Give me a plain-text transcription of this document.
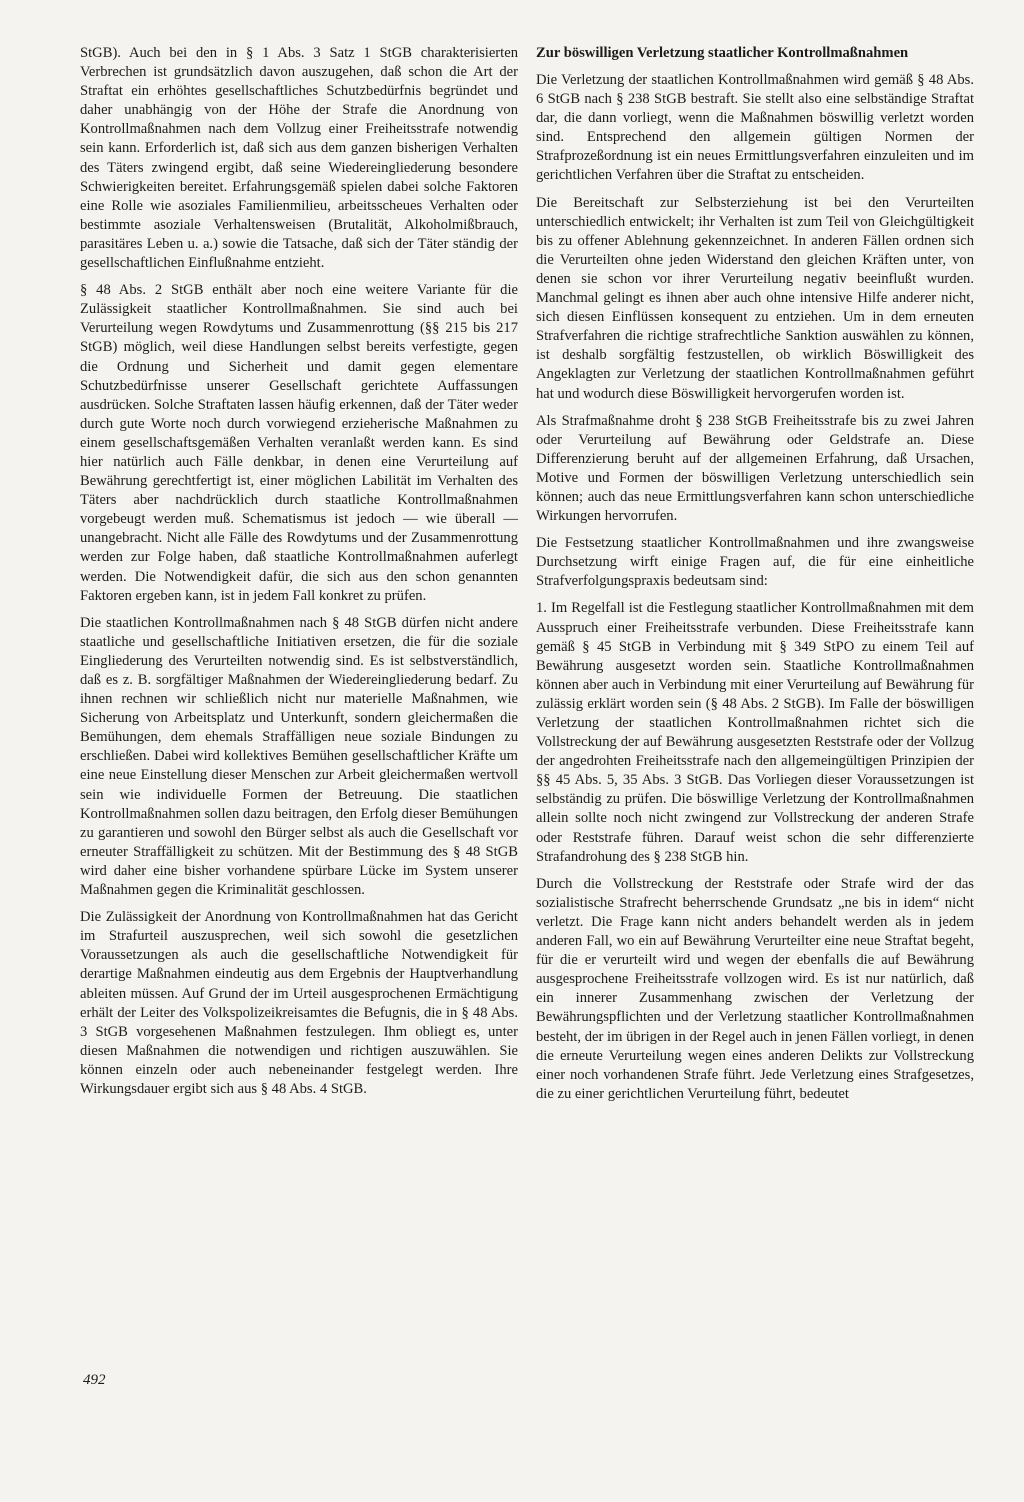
StGB). Auch bei den in § 1 Abs. 3 Satz 1 StGB charakterisierten Verbrechen ist grundsätzlich davon auszugehen, daß schon die Art der Straftat ein erhöhtes gesellschaftliches Schutzbedürfnis begründet und daher unabhängig von der Höhe der Strafe die Anordnung von Kontrollmaßnahmen nach dem Vollzug einer Freiheitsstrafe notwendig sein kann. Erforderlich ist, daß sich aus dem ganzen bisherigen Verhalten des Täters zwingend ergibt, daß seine Wiedereingliederung besondere Schwierigkeiten bereitet. Erfahrungsgemäß spielen dabei solche Faktoren eine Rolle wie asoziales Familienmilieu, arbeitsscheues Verhalten oder bestimmte asoziale Verhaltensweisen (Brutalität, Alkoholmißbrauch, parasitäres Leben u. a.) sowie die Tatsache, daß sich der Täter ständig der gesellschaftlichen Einflußnahme entzieht.

§ 48 Abs. 2 StGB enthält aber noch eine weitere Variante für die Zulässigkeit staatlicher Kontrollmaßnahmen. Sie sind auch bei Verurteilung wegen Rowdytums und Zusammenrottung (§§ 215 bis 217 StGB) möglich, weil diese Handlungen selbst bereits verfestigte, gegen die Ordnung und Sicherheit und damit gegen elementare Schutzbedürfnisse unserer Gesellschaft gerichtete Auffassungen ausdrücken. Solche Straftaten lassen häufig erkennen, daß der Täter weder durch gute Worte noch durch vorwiegend erzieherische Maßnahmen zu einem gesellschaftsgemäßen Verhalten veranlaßt werden kann. Es sind hier natürlich auch Fälle denkbar, in denen eine Verurteilung auf Bewährung gerechtfertigt ist, einer möglichen Labilität im Verhalten des Täters aber nachdrücklich durch staatliche Kontrollmaßnahmen vorgebeugt werden muß. Schematismus ist jedoch — wie überall — unangebracht. Nicht alle Fälle des Rowdytums und der Zusammenrottung werden zur Folge haben, daß staatliche Kontrollmaßnahmen auferlegt werden. Die Notwendigkeit dafür, die sich aus den schon genannten Faktoren ergeben kann, ist in jedem Fall konkret zu prüfen.

Die staatlichen Kontrollmaßnahmen nach § 48 StGB dürfen nicht andere staatliche und gesellschaftliche Initiativen ersetzen, die für die soziale Eingliederung des Verurteilten notwendig sind. Es ist selbstverständlich, daß es z. B. sorgfältiger Maßnahmen der Wiedereingliederung bedarf. Zu ihnen rechnen wir schließlich nicht nur materielle Maßnahmen, wie Sicherung von Arbeitsplatz und Unterkunft, sondern gleichermaßen die Bemühungen, dem ehemals Straffälligen neue soziale Bindungen zu erschließen. Dabei wird kollektives Bemühen gesellschaftlicher Kräfte um eine neue Einstellung dieser Menschen zur Arbeit gleichermaßen wertvoll sein wie individuelle Formen der Betreuung. Die staatlichen Kontrollmaßnahmen sollen dazu beitragen, den Erfolg dieser Bemühungen zu garantieren und sowohl den Bürger selbst als auch die Gesellschaft vor erneuter Straffälligkeit zu schützen. Mit der Bestimmung des § 48 StGB wird daher eine bisher vorhandene spürbare Lücke im System unserer Maßnahmen gegen die Kriminalität geschlossen.

Die Zulässigkeit der Anordnung von Kontrollmaßnahmen hat das Gericht im Strafurteil auszusprechen, weil sich sowohl die gesetzlichen Voraussetzungen als auch die gesellschaftliche Notwendigkeit für derartige Maßnahmen eindeutig aus dem Ergebnis der Hauptverhandlung ableiten müssen. Auf Grund der im Urteil ausgesprochenen Ermächtigung erhält der Leiter des Volkspolizeikreisamtes die Befugnis, die in § 48 Abs. 3 StGB vorgesehenen Maßnahmen festzulegen. Ihm obliegt es, unter diesen Maßnahmen die notwendigen und richtigen auszuwählen. Sie können einzeln oder auch nebeneinander festgelegt werden. Ihre Wirkungsdauer ergibt sich aus § 48 Abs. 4 StGB.

Zur böswilligen Verletzung staatlicher Kontrollmaßnahmen

Die Verletzung der staatlichen Kontrollmaßnahmen wird gemäß § 48 Abs. 6 StGB nach § 238 StGB bestraft. Sie stellt also eine selbständige Straftat dar, die dann vorliegt, wenn die Maßnahmen böswillig verletzt worden sind. Entsprechend den allgemein gültigen Normen der Strafprozeßordnung ist ein neues Ermittlungsverfahren einzuleiten und im gerichtlichen Verfahren über die Straftat zu entscheiden.

Die Bereitschaft zur Selbsterziehung ist bei den Verurteilten unterschiedlich entwickelt; ihr Verhalten ist zum Teil von Gleichgültigkeit bis zu offener Ablehnung gekennzeichnet. In anderen Fällen ordnen sich die Verurteilten ohne jeden Widerstand den gleichen Kräften unter, von denen sie schon vor ihrer Verurteilung negativ beeinflußt wurden. Manchmal gelingt es ihnen aber auch ohne intensive Hilfe anderer nicht, sich diesen Einflüssen konsequent zu entziehen. Um in dem erneuten Strafverfahren die richtige strafrechtliche Sanktion auswählen zu können, ist deshalb sorgfältig festzustellen, ob wirklich Böswilligkeit des Angeklagten zur Verletzung der staatlichen Kontrollmaßnahmen geführt hat und wodurch diese Böswilligkeit hervorgerufen worden ist.

Als Strafmaßnahme droht § 238 StGB Freiheitsstrafe bis zu zwei Jahren oder Verurteilung auf Bewährung oder Geldstrafe an. Diese Differenzierung beruht auf der allgemeinen Erfahrung, daß Ursachen, Motive und Formen der böswilligen Verletzung unterschiedlich sein können; auch das neue Ermittlungsverfahren kann schon unterschiedliche Wirkungen hervorrufen.

Die Festsetzung staatlicher Kontrollmaßnahmen und ihre zwangsweise Durchsetzung wirft einige Fragen auf, die für eine einheitliche Strafverfolgungspraxis bedeutsam sind:

1. Im Regelfall ist die Festlegung staatlicher Kontrollmaßnahmen mit dem Ausspruch einer Freiheitsstrafe verbunden. Diese Freiheitsstrafe kann gemäß § 45 StGB in Verbindung mit § 349 StPO zu einem Teil auf Bewährung ausgesetzt worden sein. Staatliche Kontrollmaßnahmen können aber auch in Verbindung mit einer Verurteilung auf Bewährung für zulässig erklärt worden sein (§ 48 Abs. 2 StGB). Im Falle der böswilligen Verletzung der staatlichen Kontrollmaßnahmen richtet sich die Vollstreckung der auf Bewährung ausgesetzten Reststrafe oder der Vollzug der angedrohten Freiheitsstrafe nach den allgemeingültigen Prinzipien der §§ 45 Abs. 5, 35 Abs. 3 StGB. Das Vorliegen dieser Voraussetzungen ist selbständig zu prüfen. Die böswillige Verletzung der Kontrollmaßnahmen allein sollte noch nicht zwingend zur Vollstreckung der anderen Strafe oder Reststrafe führen. Darauf weist schon die sehr differenzierte Strafandrohung des § 238 StGB hin.

Durch die Vollstreckung der Reststrafe oder Strafe wird der das sozialistische Strafrecht beherrschende Grundsatz „ne bis in idem“ nicht verletzt. Die Frage kann nicht anders behandelt werden als in jedem anderen Fall, wo ein auf Bewährung Verurteilter eine neue Straftat begeht, für die er verurteilt wird und wegen der ebenfalls die auf Bewährung ausgesprochene Freiheitsstrafe vollzogen wird. Es ist nur natürlich, daß ein innerer Zusammenhang zwischen der Verletzung der Bewährungspflichten und der Verletzung staatlicher Kontrollmaßnahmen besteht, der im übrigen in der Regel auch in jenen Fällen vorliegt, in denen die erneute Verurteilung wegen eines anderen Delikts zur Vollstreckung einer noch vorhandenen Strafe führt. Jede Verletzung eines Strafgesetzes, die zu einer gerichtlichen Verurteilung führt, bedeutet

492
